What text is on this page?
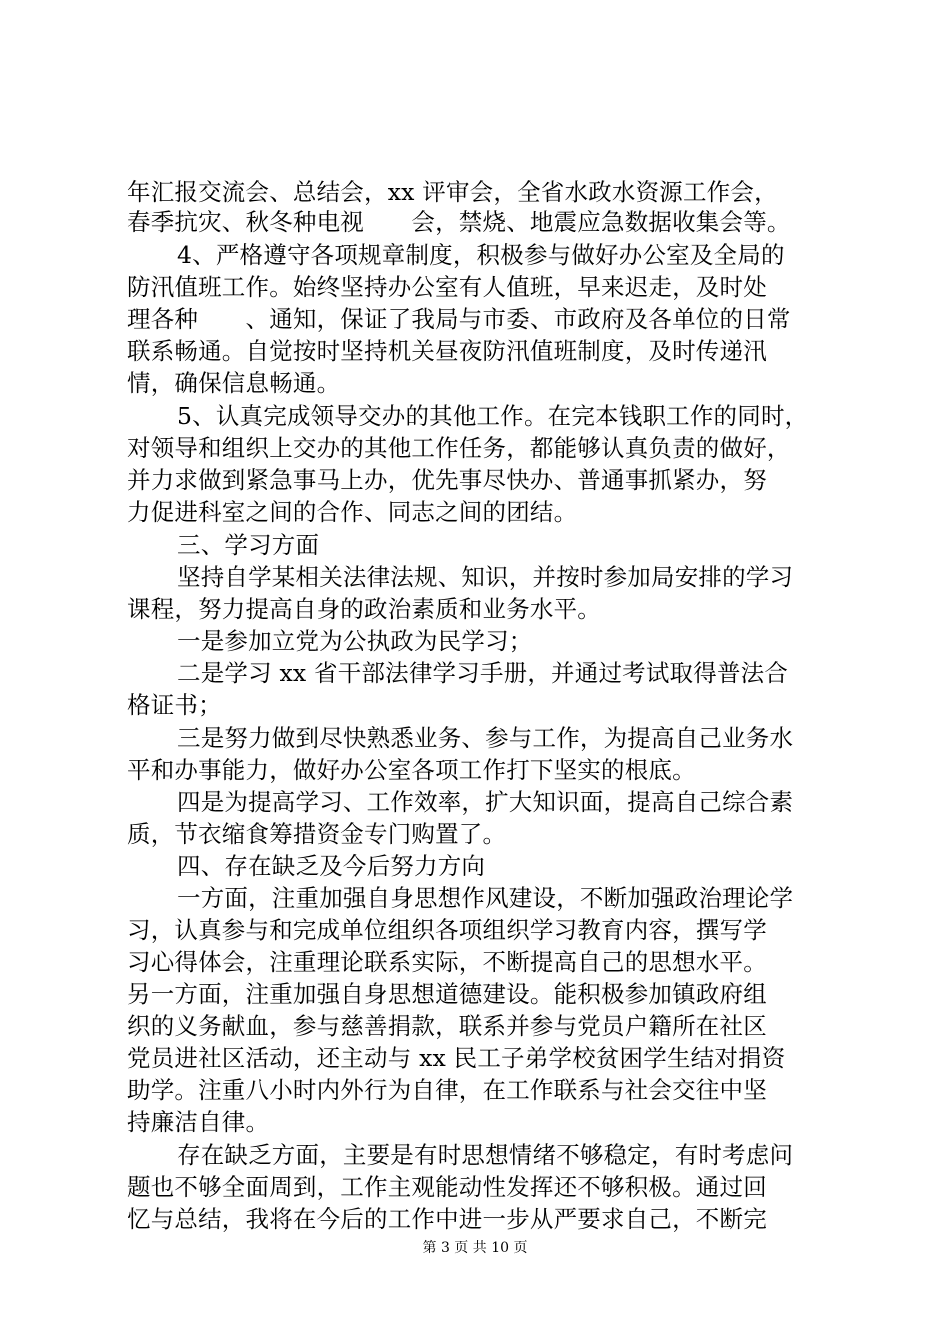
年汇报交流会、总结会，xx 评审会，全省水政水资源工作会，
春季抗灾、秋冬种电视　　会，禁烧、地震应急数据收集会等。
4、严格遵守各项规章制度，积极参与做好办公室及全局的
防汛值班工作。始终坚持办公室有人值班，早来迟走，及时处
理各种　　、通知，保证了我局与市委、市政府及各单位的日常
联系畅通。自觉按时坚持机关昼夜防汛值班制度，及时传递汛
情，确保信息畅通。
5、认真完成领导交办的其他工作。在完本钱职工作的同时，
对领导和组织上交办的其他工作任务，都能够认真负责的做好，
并力求做到紧急事马上办，优先事尽快办、普通事抓紧办，努
力促进科室之间的合作、同志之间的团结。
三、学习方面
坚持自学某相关法律法规、知识，并按时参加局安排的学习
课程，努力提高自身的政治素质和业务水平。
一是参加立党为公执政为民学习；
二是学习 xx 省干部法律学习手册，并通过考试取得普法合
格证书；
三是努力做到尽快熟悉业务、参与工作，为提高自己业务水
平和办事能力，做好办公室各项工作打下坚实的根底。
四是为提高学习、工作效率，扩大知识面，提高自己综合素
质，节衣缩食筹措资金专门购置了。
四、存在缺乏及今后努力方向
一方面，注重加强自身思想作风建设，不断加强政治理论学
习，认真参与和完成单位组织各项组织学习教育内容，撰写学
习心得体会，注重理论联系实际，不断提高自己的思想水平。
另一方面，注重加强自身思想道德建设。能积极参加镇政府组
织的义务献血，参与慈善捐款，联系并参与党员户籍所在社区
党员进社区活动，还主动与 xx 民工子弟学校贫困学生结对捐资
助学。注重八小时内外行为自律，在工作联系与社会交往中坚
持廉洁自律。
存在缺乏方面，主要是有时思想情绪不够稳定，有时考虑问
题也不够全面周到，工作主观能动性发挥还不够积极。通过回
忆与总结，我将在今后的工作中进一步从严要求自己，不断完
第 3 页 共 10 页
